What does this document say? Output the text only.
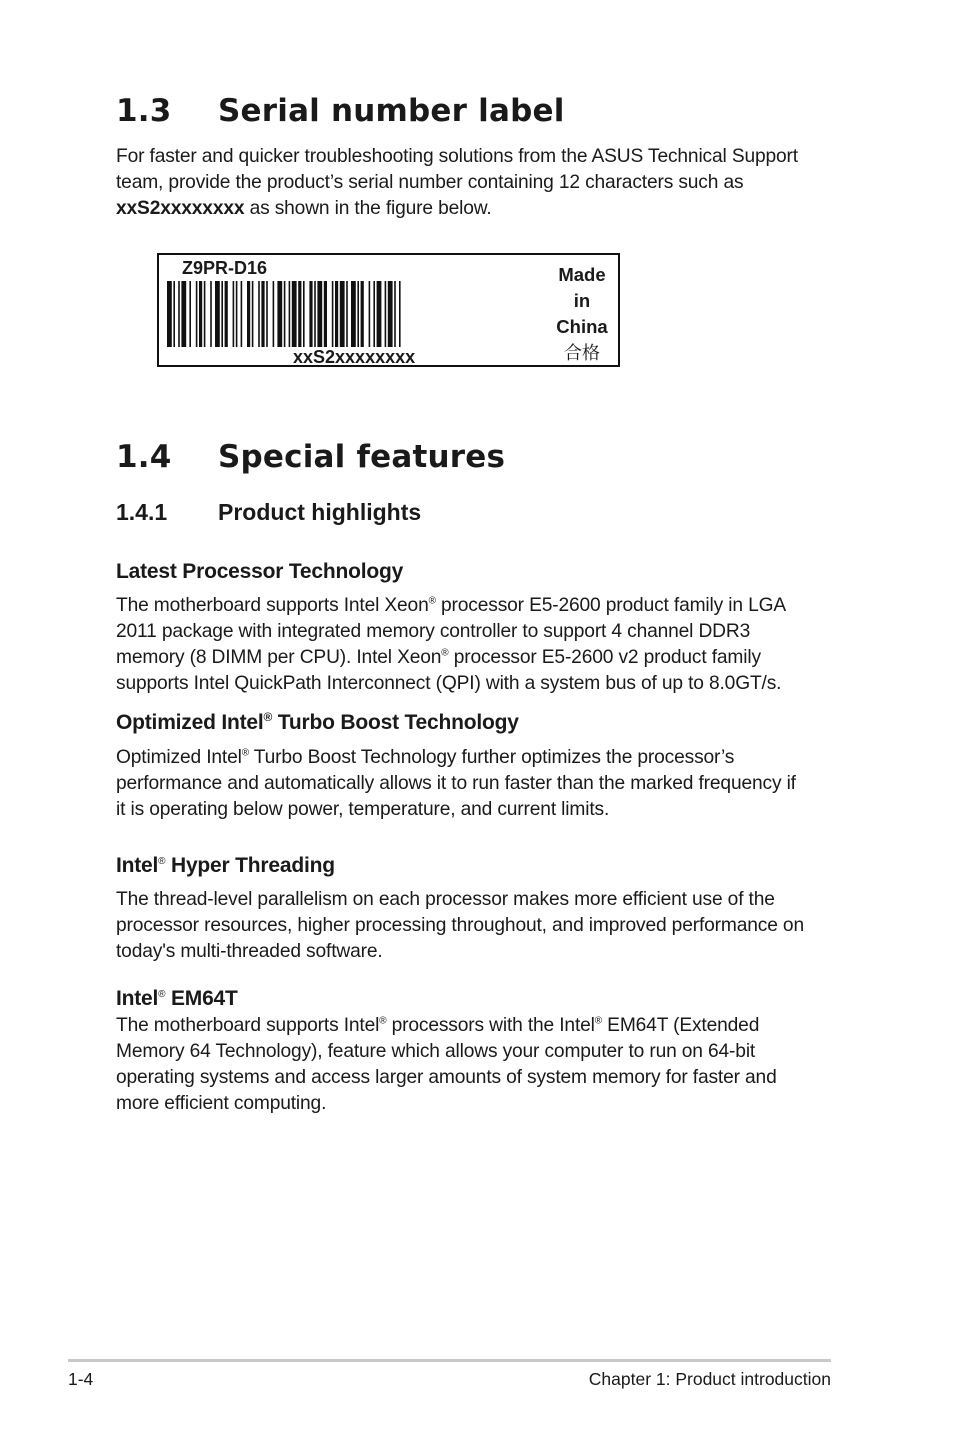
1.3 Serial number label
For faster and quicker troubleshooting solutions from the ASUS Technical Support
team, provide the product’s serial number containing 12 characters such as
xxS2xxxxxxxx as shown in the figure below.
Z9PR-D16
xxS2xxxxxxxx
Made
in
China
合格
1.4 Special features
1.4.1 Product highlights
Latest Processor Technology
The motherboard supports Intel Xeon® processor E5-2600 product family in LGA
2011 package with integrated memory controller to support 4 channel DDR3
memory (8 DIMM per CPU). Intel Xeon® processor E5-2600 v2 product family
supports Intel QuickPath Interconnect (QPI) with a system bus of up to 8.0GT/s.
Optimized Intel® Turbo Boost Technology
Optimized Intel® Turbo Boost Technology further optimizes the processor’s
performance and automatically allows it to run faster than the marked frequency if
it is operating below power, temperature, and current limits.
Intel® Hyper Threading
The thread-level parallelism on each processor makes more efficient use of the
processor resources, higher processing throughout, and improved performance on
today's multi-threaded software.
Intel® EM64T
The motherboard supports Intel® processors with the Intel® EM64T (Extended
Memory 64 Technology), feature which allows your computer to run on 64-bit
operating systems and access larger amounts of system memory for faster and
more efficient computing.
1-4	Chapter 1: Product introduction
